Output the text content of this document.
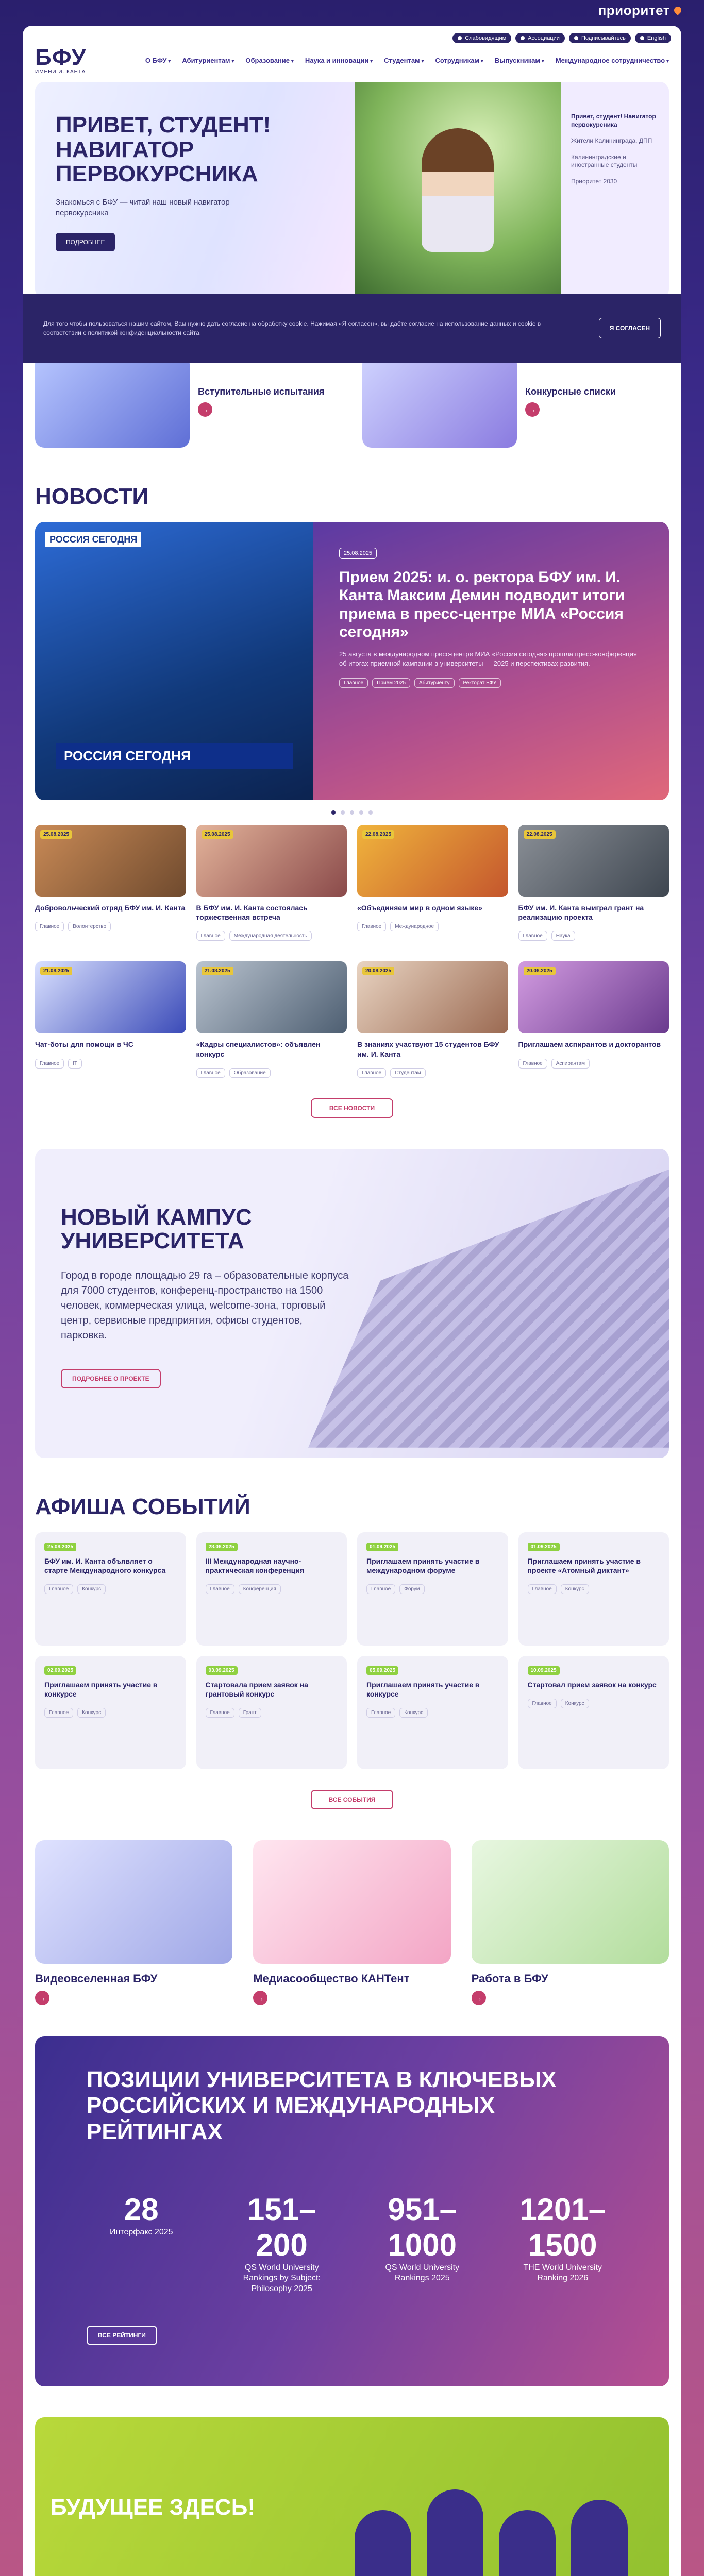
приоритет
Слабовидящим	Ассоциации	Подписывайтесь	English
БФУ
ИМЕНИ И. КАНТА
О БФУ ▾	Абитуриентам ▾	Образование ▾	Наука и инновации ▾	Студентам ▾	Сотрудникам ▾	Выпускникам ▾	Международное сотрудничество ▾
ПРИВЕТ, СТУДЕНТ! НАВИГАТОР ПЕРВОКУРСНИКА

Знакомься с БФУ — читай наш новый навигатор первокурсника

ПОДРОБНЕЕ
Привет, студент! Навигатор первокурсника
Жители Калининграда, ДПП
Калининградские и иностранные студенты
Приоритет 2030

Для того чтобы пользоваться нашим сайтом, Вам нужно дать согласие на обработку cookie. Нажимая «Я согласен», вы даёте согласие на использование данных и cookie в соответствии с политикой конфиденциальности сайта.

Я СОГЛАСЕН
Вступительные испытания
→
Конкурсные списки
→
НОВОСТИ
РОССИЯ СЕГОДНЯ
РОССИЯ СЕГОДНЯ
25.08.2025
Прием 2025: и. о. ректора БФУ им. И. Канта Максим Демин подводит итоги приема в пресс-центре МИА «Россия сегодня»

25 августа в международном пресс-центре МИА «Россия сегодня» прошла пресс-конференция об итогах приемной кампании в университеты — 2025 и перспективах развития.

Главное	Прием 2025	Абитуриенту	Ректорат БФУ
25.08.2025
Добровольческий отряд БФУ им. И. Канта
Главное	Волонтерство
25.08.2025
В БФУ им. И. Канта состоялась торжественная встреча
Главное	Международная деятельность
22.08.2025
«Объединяем мир в одном языке»
Главное	Международное
22.08.2025
БФУ им. И. Канта выиграл грант на реализацию проекта
Главное	Наука
21.08.2025
Чат-боты для помощи в ЧС
Главное	IT
21.08.2025
«Кадры специалистов»: объявлен конкурс
Главное	Образование
20.08.2025
В знаниях участвуют 15 студентов БФУ им. И. Канта
Главное	Студентам
20.08.2025
Приглашаем аспирантов и докторантов
Главное	Аспирантам
ВСЕ НОВОСТИ
НОВЫЙ КАМПУС УНИВЕРСИТЕТА

Город в городе площадью 29 га – образовательные корпуса для 7000 студентов, конференц-пространство на 1500 человек, коммерческая улица, welcome-зона, торговый центр, сервисные предприятия, офисы студентов, парковка.

ПОДРОБНЕЕ О ПРОЕКТЕ
АФИША СОБЫТИЙ
25.08.2025
БФУ им. И. Канта объявляет о старте Международного конкурса
Главное	Конкурс
28.08.2025
III Международная научно-практическая конференция
Главное	Конференция
01.09.2025
Приглашаем принять участие в международном форуме
Главное	Форум
01.09.2025
Приглашаем принять участие в проекте «Атомный диктант»
Главное	Конкурс
02.09.2025
Приглашаем принять участие в конкурсе
Главное	Конкурс
03.09.2025
Стартовала прием заявок на грантовый конкурс
Главное	Грант
05.09.2025
Приглашаем принять участие в конкурсе
Главное	Конкурс
10.09.2025
Стартовал прием заявок на конкурс
Главное	Конкурс
ВСЕ СОБЫТИЯ
Видеовселенная БФУ
→
Медиасообщество КАНТент
→
Работа в БФУ
→
ПОЗИЦИИ УНИВЕРСИТЕТА В КЛЮЧЕВЫХ РОССИЙСКИХ И МЕЖДУНАРОДНЫХ РЕЙТИНГАХ
28
Интерфакс 2025
151–200
QS World University Rankings by Subject: Philosophy 2025
951–1000
QS World University Rankings 2025
1201–1500
THE World University Ranking 2026
ВСЕ РЕЙТИНГИ
БУДУЩЕЕ ЗДЕСЬ!
